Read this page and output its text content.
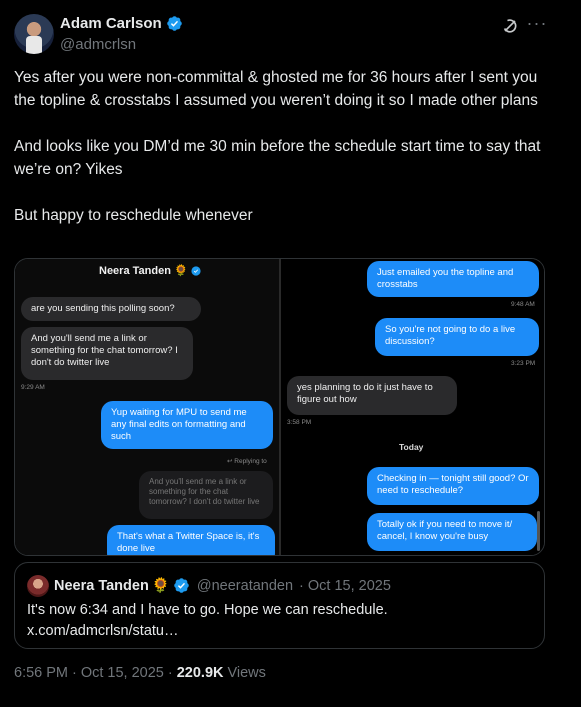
Adam Carlson
@admcrlsn
···

Yes after you were non-committal & ghosted me for 36 hours after I sent you the topline & crosstabs I assumed you weren’t doing it so I made other plans

And looks like you DM’d me 30 min before the schedule start time to say that we’re on? Yikes

But happy to reschedule whenever

Neera Tanden 🌻
are you sending this polling soon?
And you'll send me a link or something for the chat tomorrow? I don't do twitter live
9:29 AM
Yup waiting for MPU to send me any final edits on formatting and such
↩ Replying to
And you'll send me a link or something for the chat tomorrow? I don't do twitter live
That's what a Twitter Space is, it's done live
Just emailed you the topline and crosstabs
9:48 AM
So you're not going to do a live discussion?
3:23 PM
yes planning to do it just have to figure out how
3:58 PM
Today
Checking in — tonight still good? Or need to reschedule?
Totally ok if you need to move it/ cancel, I know you're busy
Neera Tanden 🌻 @neeratanden · Oct 15, 2025
It's now 6:34 and I have to go. Hope we can reschedule.
x.com/admcrlsn/statu…
6:56 PM · Oct 15, 2025 · 220.9K Views
